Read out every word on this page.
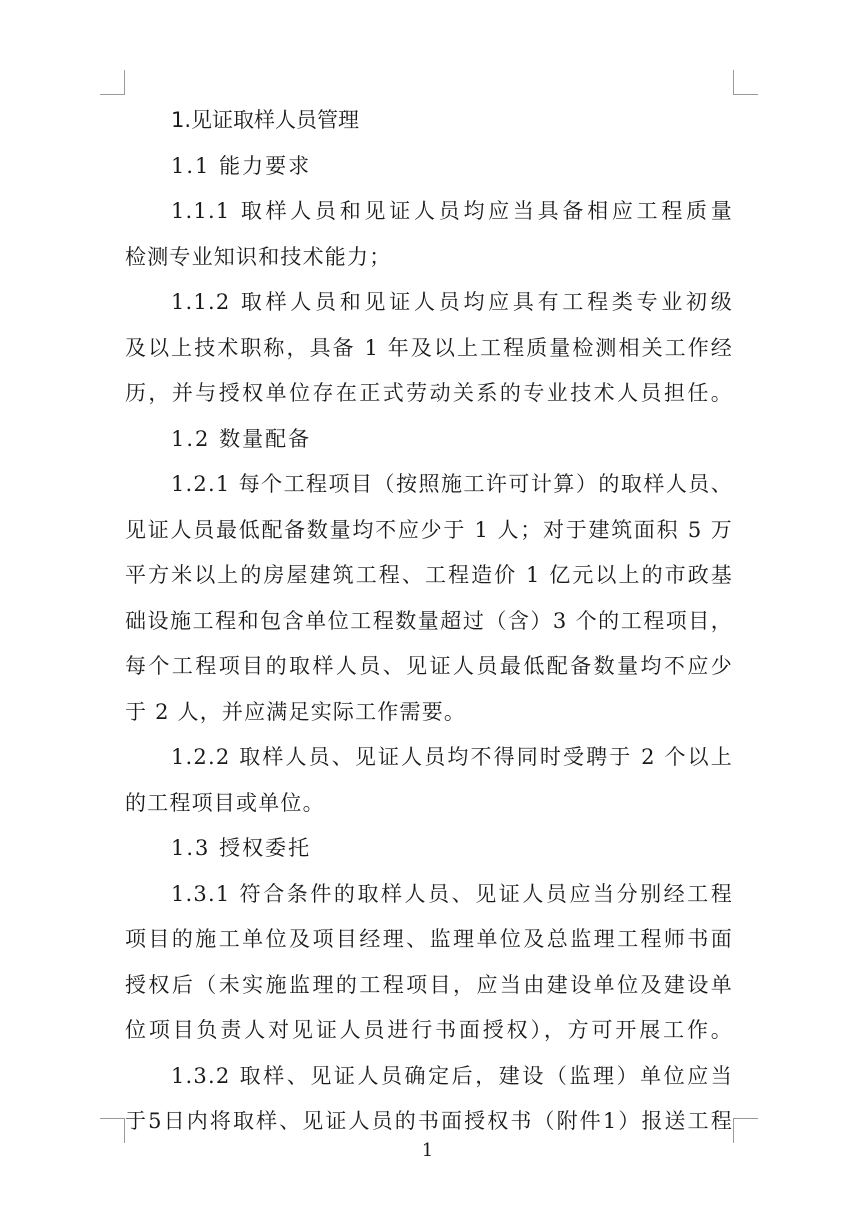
1.见证取样人员管理
1.1 能力要求
1.1.1 取样人员和见证人员均应当具备相应工程质量
检测专业知识和技术能力；
1.1.2 取样人员和见证人员均应具有工程类专业初级
及以上技术职称，具备 1 年及以上工程质量检测相关工作经
历，并与授权单位存在正式劳动关系的专业技术人员担任。
1.2 数量配备
1.2.1 每个工程项目（按照施工许可计算）的取样人员、
见证人员最低配备数量均不应少于 1 人；对于建筑面积 5 万
平方米以上的房屋建筑工程、工程造价 1 亿元以上的市政基
础设施工程和包含单位工程数量超过（含）3 个的工程项目，
每个工程项目的取样人员、见证人员最低配备数量均不应少
于 2 人，并应满足实际工作需要。
1.2.2 取样人员、见证人员均不得同时受聘于 2 个以上
的工程项目或单位。
1.3 授权委托
1.3.1 符合条件的取样人员、见证人员应当分别经工程
项目的施工单位及项目经理、监理单位及总监理工程师书面
授权后（未实施监理的工程项目，应当由建设单位及建设单
位项目负责人对见证人员进行书面授权），方可开展工作。
1.3.2 取样、见证人员确定后，建设（监理）单位应当
于5日内将取样、见证人员的书面授权书（附件1）报送工程
1
